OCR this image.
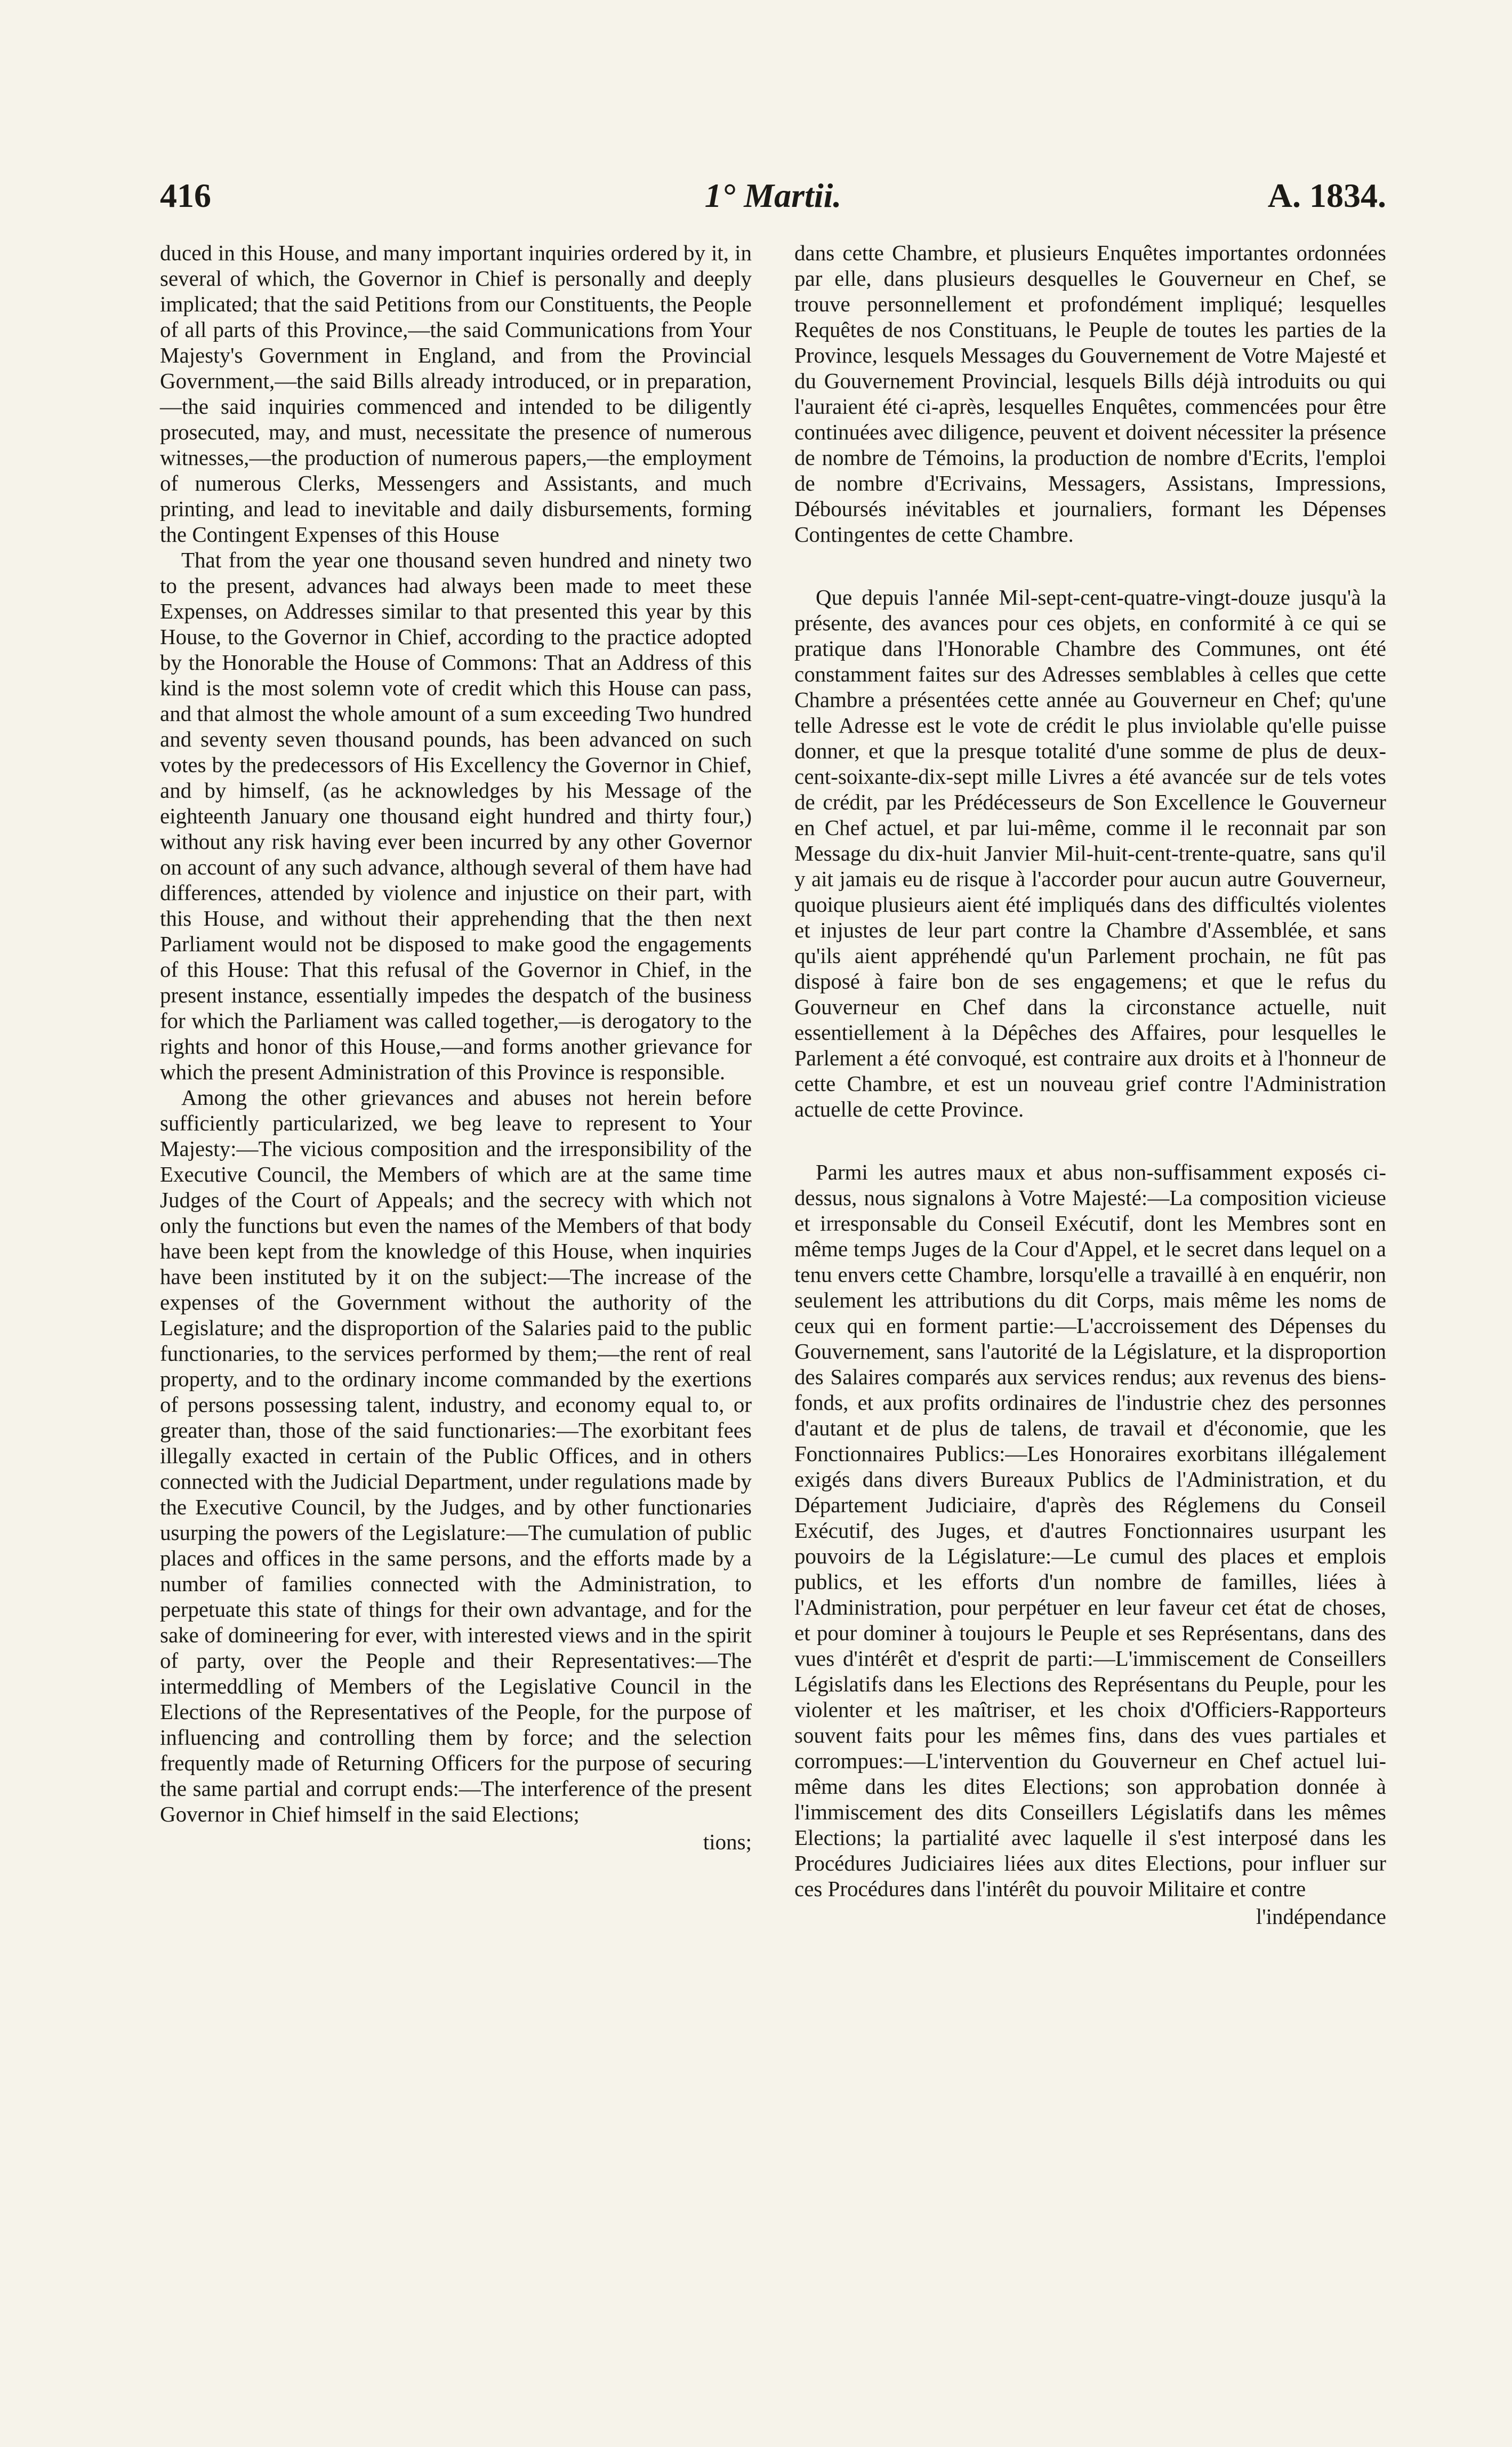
416	1° Martii.	A. 1834.

duced in this House, and many important inquiries ordered by it, in several of which, the Governor in Chief is personally and deeply implicated; that the said Petitions from our Constituents, the People of all parts of this Province,—the said Communications from Your Majesty's Government in England, and from the Provincial Government,—the said Bills already introduced, or in preparation,—the said inquiries commenced and intended to be diligently prosecuted, may, and must, necessitate the presence of numerous witnesses,—the production of numerous papers,—the employment of numerous Clerks, Messengers and Assistants, and much printing, and lead to inevitable and daily disbursements, forming the Contingent Expenses of this House

That from the year one thousand seven hundred and ninety two to the present, advances had always been made to meet these Expenses, on Addresses similar to that presented this year by this House, to the Governor in Chief, according to the practice adopted by the Honorable the House of Commons: That an Address of this kind is the most solemn vote of credit which this House can pass, and that almost the whole amount of a sum exceeding Two hundred and seventy seven thousand pounds, has been advanced on such votes by the predecessors of His Excellency the Governor in Chief, and by himself, (as he acknowledges by his Message of the eighteenth January one thousand eight hundred and thirty four,) without any risk having ever been incurred by any other Governor on account of any such advance, although several of them have had differences, attended by violence and injustice on their part, with this House, and without their apprehending that the then next Parliament would not be disposed to make good the engagements of this House: That this refusal of the Governor in Chief, in the present instance, essentially impedes the despatch of the business for which the Parliament was called together,—is derogatory to the rights and honor of this House,—and forms another grievance for which the present Administration of this Province is responsible.

Among the other grievances and abuses not herein before sufficiently particularized, we beg leave to represent to Your Majesty:—The vicious composition and the irresponsibility of the Executive Council, the Members of which are at the same time Judges of the Court of Appeals; and the secrecy with which not only the functions but even the names of the Members of that body have been kept from the knowledge of this House, when inquiries have been instituted by it on the subject:—The increase of the expenses of the Government without the authority of the Legislature; and the disproportion of the Salaries paid to the public functionaries, to the services performed by them;—the rent of real property, and to the ordinary income commanded by the exertions of persons possessing talent, industry, and economy equal to, or greater than, those of the said functionaries:—The exorbitant fees illegally exacted in certain of the Public Offices, and in others connected with the Judicial Department, under regulations made by the Executive Council, by the Judges, and by other functionaries usurping the powers of the Legislature:—The cumulation of public places and offices in the same persons, and the efforts made by a number of families connected with the Administration, to perpetuate this state of things for their own advantage, and for the sake of domineering for ever, with interested views and in the spirit of party, over the People and their Representatives:—The intermeddling of Members of the Legislative Council in the Elections of the Representatives of the People, for the purpose of influencing and controlling them by force; and the selection frequently made of Returning Officers for the purpose of securing the same partial and corrupt ends:—The interference of the present Governor in Chief himself in the said Elections;

tions;

dans cette Chambre, et plusieurs Enquêtes importantes ordonnées par elle, dans plusieurs desquelles le Gouverneur en Chef, se trouve personnellement et profondément impliqué; lesquelles Requêtes de nos Constituans, le Peuple de toutes les parties de la Province, lesquels Messages du Gouvernement de Votre Majesté et du Gouvernement Provincial, lesquels Bills déjà introduits ou qui l'auraient été ci-après, lesquelles Enquêtes, commencées pour être continuées avec diligence, peuvent et doivent nécessiter la présence de nombre de Témoins, la production de nombre d'Ecrits, l'emploi de nombre d'Ecrivains, Messagers, Assistans, Impressions, Déboursés inévitables et journaliers, formant les Dépenses Contingentes de cette Chambre.

Que depuis l'année Mil-sept-cent-quatre-vingt-douze jusqu'à la présente, des avances pour ces objets, en conformité à ce qui se pratique dans l'Honorable Chambre des Communes, ont été constamment faites sur des Adresses semblables à celles que cette Chambre a présentées cette année au Gouverneur en Chef; qu'une telle Adresse est le vote de crédit le plus inviolable qu'elle puisse donner, et que la presque totalité d'une somme de plus de deux-cent-soixante-dix-sept mille Livres a été avancée sur de tels votes de crédit, par les Prédécesseurs de Son Excellence le Gouverneur en Chef actuel, et par lui-même, comme il le reconnait par son Message du dix-huit Janvier Mil-huit-cent-trente-quatre, sans qu'il y ait jamais eu de risque à l'accorder pour aucun autre Gouverneur, quoique plusieurs aient été impliqués dans des difficultés violentes et injustes de leur part contre la Chambre d'Assemblée, et sans qu'ils aient appréhendé qu'un Parlement prochain, ne fût pas disposé à faire bon de ses engagemens; et que le refus du Gouverneur en Chef dans la circonstance actuelle, nuit essentiellement à la Dépêches des Affaires, pour lesquelles le Parlement a été convoqué, est contraire aux droits et à l'honneur de cette Chambre, et est un nouveau grief contre l'Administration actuelle de cette Province.

Parmi les autres maux et abus non-suffisamment exposés ci-dessus, nous signalons à Votre Majesté:—La composition vicieuse et irresponsable du Conseil Exécutif, dont les Membres sont en même temps Juges de la Cour d'Appel, et le secret dans lequel on a tenu envers cette Chambre, lorsqu'elle a travaillé à en enquérir, non seulement les attributions du dit Corps, mais même les noms de ceux qui en forment partie:—L'accroissement des Dépenses du Gouvernement, sans l'autorité de la Législature, et la disproportion des Salaires comparés aux services rendus; aux revenus des biens-fonds, et aux profits ordinaires de l'industrie chez des personnes d'autant et de plus de talens, de travail et d'économie, que les Fonctionnaires Publics:—Les Honoraires exorbitans illégalement exigés dans divers Bureaux Publics de l'Administration, et du Département Judiciaire, d'après des Réglemens du Conseil Exécutif, des Juges, et d'autres Fonctionnaires usurpant les pouvoirs de la Législature:—Le cumul des places et emplois publics, et les efforts d'un nombre de familles, liées à l'Administration, pour perpétuer en leur faveur cet état de choses, et pour dominer à toujours le Peuple et ses Représentans, dans des vues d'intérêt et d'esprit de parti:—L'immiscement de Conseillers Législatifs dans les Elections des Représentans du Peuple, pour les violenter et les maîtriser, et les choix d'Officiers-Rapporteurs souvent faits pour les mêmes fins, dans des vues partiales et corrompues:—L'intervention du Gouverneur en Chef actuel lui-même dans les dites Elections; son approbation donnée à l'immiscement des dits Conseillers Législatifs dans les mêmes Elections; la partialité avec laquelle il s'est interposé dans les Procédures Judiciaires liées aux dites Elections, pour influer sur ces Procédures dans l'intérêt du pouvoir Militaire et contre

l'indépendance
